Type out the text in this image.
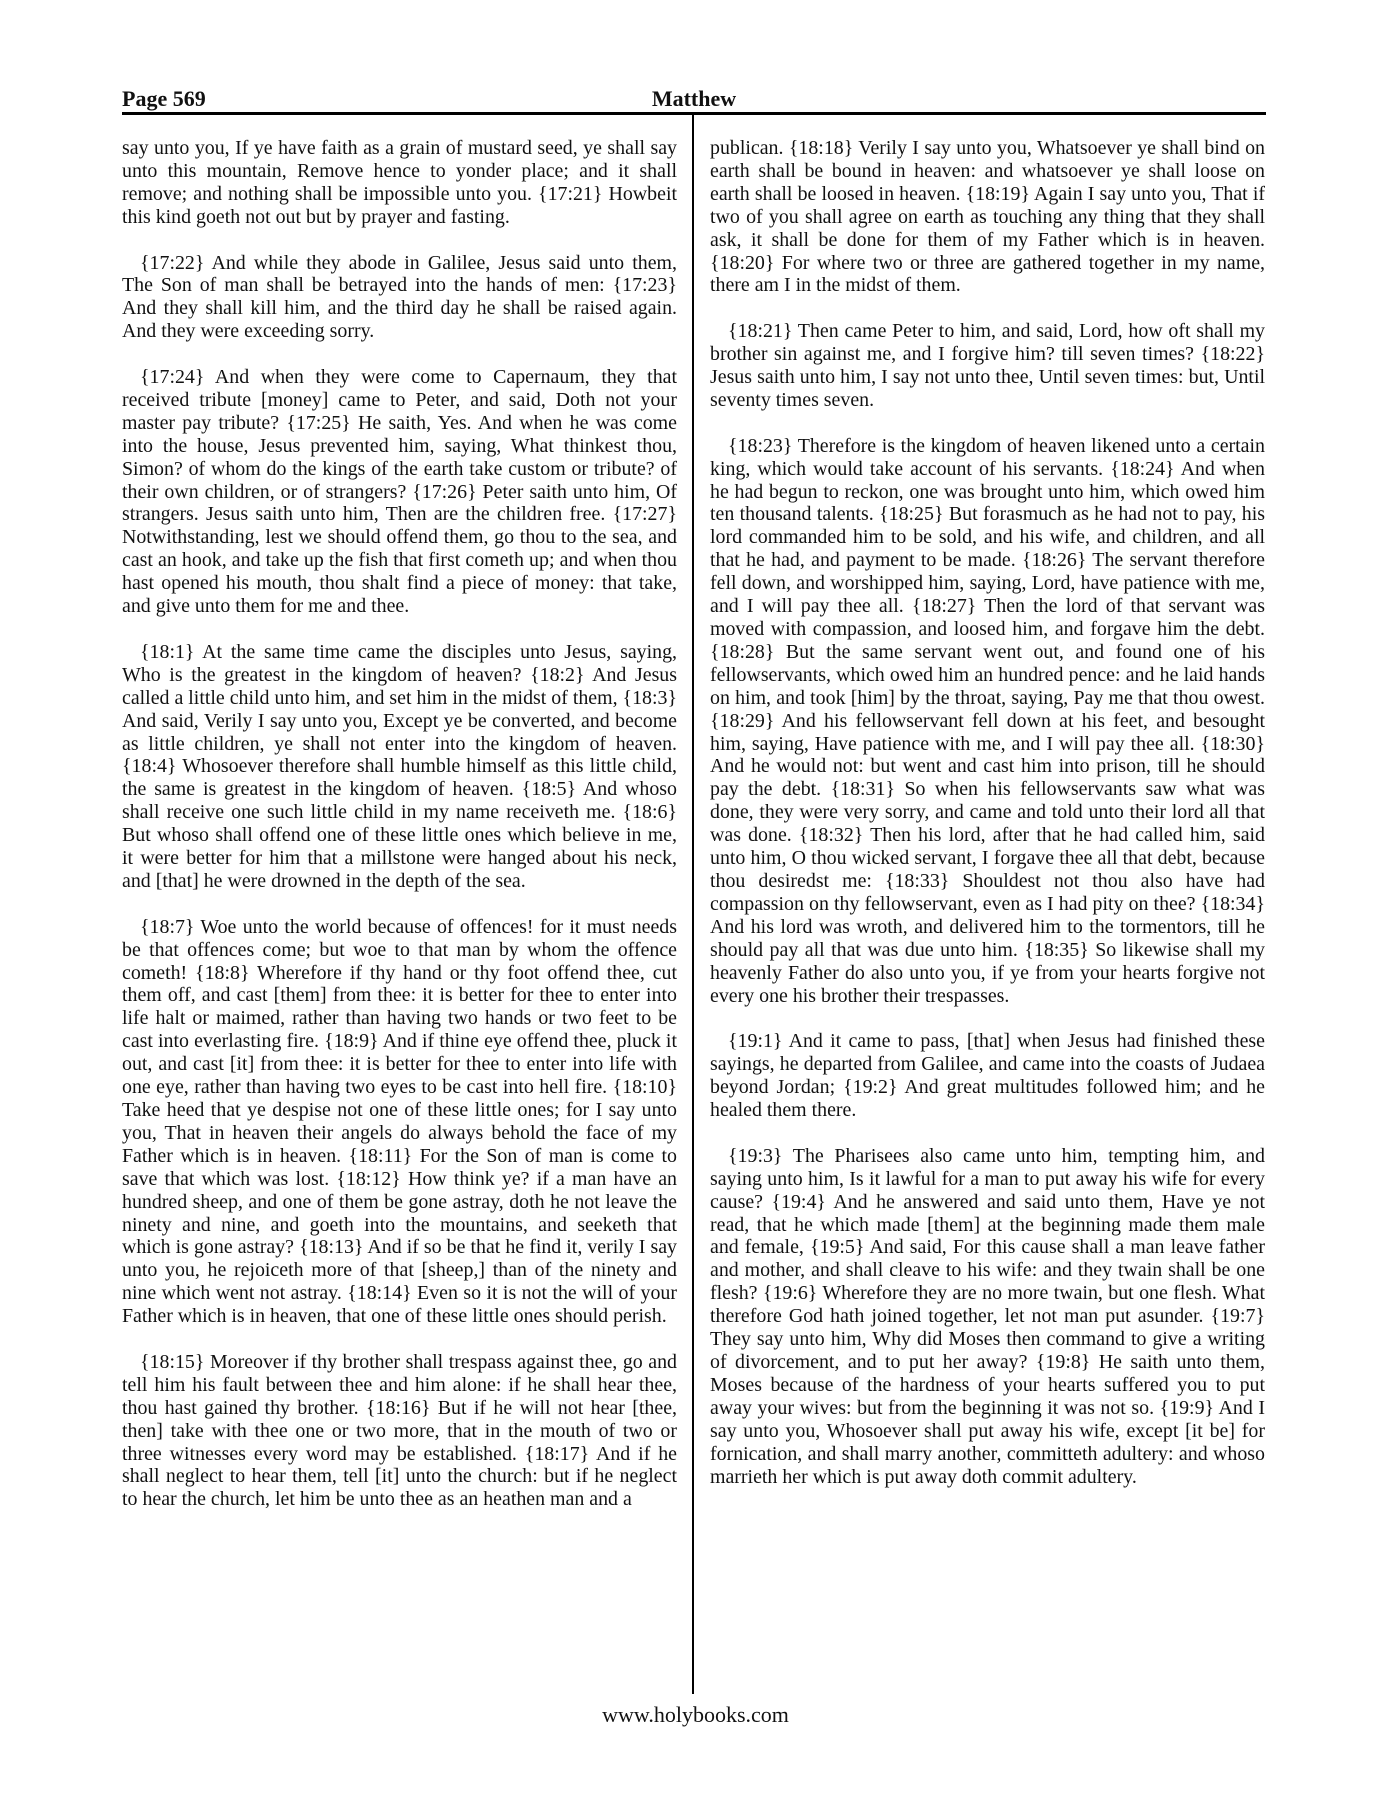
Page 569	Matthew

say unto you, If ye have faith as a grain of mustard seed, ye shall say unto this mountain, Remove hence to yonder place; and it shall remove; and nothing shall be impossible unto you. {17:21} Howbeit this kind goeth not out but by prayer and fasting.

{17:22} And while they abode in Galilee, Jesus said unto them, The Son of man shall be betrayed into the hands of men: {17:23} And they shall kill him, and the third day he shall be raised again. And they were exceeding sorry.

{17:24} And when they were come to Capernaum, they that received tribute [money] came to Peter, and said, Doth not your master pay tribute? {17:25} He saith, Yes. And when he was come into the house, Jesus prevented him, saying, What thinkest thou, Simon? of whom do the kings of the earth take custom or tribute? of their own children, or of strangers? {17:26} Peter saith unto him, Of strangers. Jesus saith unto him, Then are the children free. {17:27} Notwithstanding, lest we should offend them, go thou to the sea, and cast an hook, and take up the fish that first cometh up; and when thou hast opened his mouth, thou shalt find a piece of money: that take, and give unto them for me and thee.

{18:1} At the same time came the disciples unto Jesus, saying, Who is the greatest in the kingdom of heaven? {18:2} And Jesus called a little child unto him, and set him in the midst of them, {18:3} And said, Verily I say unto you, Except ye be converted, and become as little children, ye shall not enter into the kingdom of heaven. {18:4} Whosoever therefore shall humble himself as this little child, the same is greatest in the kingdom of heaven. {18:5} And whoso shall receive one such little child in my name receiveth me. {18:6} But whoso shall offend one of these little ones which believe in me, it were better for him that a millstone were hanged about his neck, and [that] he were drowned in the depth of the sea.

{18:7} Woe unto the world because of offences! for it must needs be that offences come; but woe to that man by whom the offence cometh! {18:8} Wherefore if thy hand or thy foot offend thee, cut them off, and cast [them] from thee: it is better for thee to enter into life halt or maimed, rather than having two hands or two feet to be cast into everlasting fire. {18:9} And if thine eye offend thee, pluck it out, and cast [it] from thee: it is better for thee to enter into life with one eye, rather than having two eyes to be cast into hell fire. {18:10} Take heed that ye despise not one of these little ones; for I say unto you, That in heaven their angels do always behold the face of my Father which is in heaven. {18:11} For the Son of man is come to save that which was lost. {18:12} How think ye? if a man have an hundred sheep, and one of them be gone astray, doth he not leave the ninety and nine, and goeth into the mountains, and seeketh that which is gone astray? {18:13} And if so be that he find it, verily I say unto you, he rejoiceth more of that [sheep,] than of the ninety and nine which went not astray. {18:14} Even so it is not the will of your Father which is in heaven, that one of these little ones should perish.

{18:15} Moreover if thy brother shall trespass against thee, go and tell him his fault between thee and him alone: if he shall hear thee, thou hast gained thy brother. {18:16} But if he will not hear [thee, then] take with thee one or two more, that in the mouth of two or three witnesses every word may be established. {18:17} And if he shall neglect to hear them, tell [it] unto the church: but if he neglect to hear the church, let him be unto thee as an heathen man and a

publican. {18:18} Verily I say unto you, Whatsoever ye shall bind on earth shall be bound in heaven: and whatsoever ye shall loose on earth shall be loosed in heaven. {18:19} Again I say unto you, That if two of you shall agree on earth as touching any thing that they shall ask, it shall be done for them of my Father which is in heaven. {18:20} For where two or three are gathered together in my name, there am I in the midst of them.

{18:21} Then came Peter to him, and said, Lord, how oft shall my brother sin against me, and I forgive him? till seven times? {18:22} Jesus saith unto him, I say not unto thee, Until seven times: but, Until seventy times seven.

{18:23} Therefore is the kingdom of heaven likened unto a certain king, which would take account of his servants. {18:24} And when he had begun to reckon, one was brought unto him, which owed him ten thousand talents. {18:25} But forasmuch as he had not to pay, his lord commanded him to be sold, and his wife, and children, and all that he had, and payment to be made. {18:26} The servant therefore fell down, and worshipped him, saying, Lord, have patience with me, and I will pay thee all. {18:27} Then the lord of that servant was moved with compassion, and loosed him, and forgave him the debt. {18:28} But the same servant went out, and found one of his fellowservants, which owed him an hundred pence: and he laid hands on him, and took [him] by the throat, saying, Pay me that thou owest. {18:29} And his fellowservant fell down at his feet, and besought him, saying, Have patience with me, and I will pay thee all. {18:30} And he would not: but went and cast him into prison, till he should pay the debt. {18:31} So when his fellowservants saw what was done, they were very sorry, and came and told unto their lord all that was done. {18:32} Then his lord, after that he had called him, said unto him, O thou wicked servant, I forgave thee all that debt, because thou desiredst me: {18:33} Shouldest not thou also have had compassion on thy fellowservant, even as I had pity on thee? {18:34} And his lord was wroth, and delivered him to the tormentors, till he should pay all that was due unto him. {18:35} So likewise shall my heavenly Father do also unto you, if ye from your hearts forgive not every one his brother their trespasses.

{19:1} And it came to pass, [that] when Jesus had finished these sayings, he departed from Galilee, and came into the coasts of Judaea beyond Jordan; {19:2} And great multitudes followed him; and he healed them there.

{19:3} The Pharisees also came unto him, tempting him, and saying unto him, Is it lawful for a man to put away his wife for every cause? {19:4} And he answered and said unto them, Have ye not read, that he which made [them] at the beginning made them male and female, {19:5} And said, For this cause shall a man leave father and mother, and shall cleave to his wife: and they twain shall be one flesh? {19:6} Wherefore they are no more twain, but one flesh. What therefore God hath joined together, let not man put asunder. {19:7} They say unto him, Why did Moses then command to give a writing of divorcement, and to put her away? {19:8} He saith unto them, Moses because of the hardness of your hearts suffered you to put away your wives: but from the beginning it was not so. {19:9} And I say unto you, Whosoever shall put away his wife, except [it be] for fornication, and shall marry another, committeth adultery: and whoso marrieth her which is put away doth commit adultery.

www.holybooks.com
